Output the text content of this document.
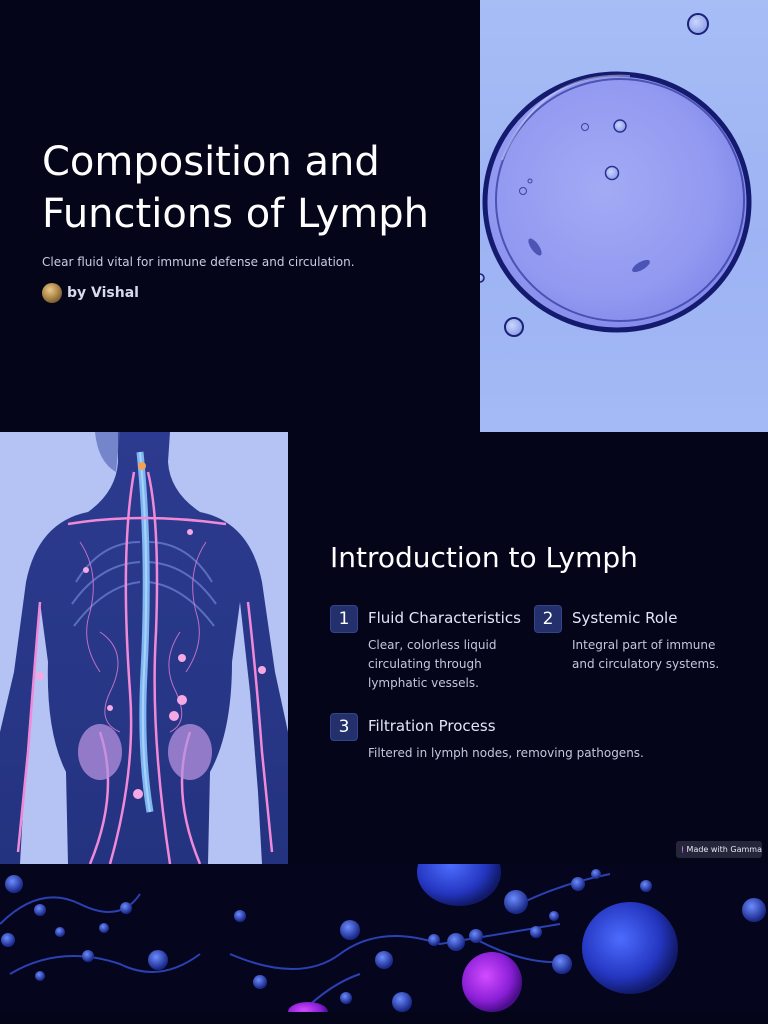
by Vishal

Clear fluid vital for immune defense and circulation.

Composition and Functions of Lymph
Introduction to Lymph
1	Fluid Characteristics

Clear, colorless liquid circulating through lymphatic vessels.

2	Systemic Role

Integral part of immune and circulatory systems.

3	Filtration Process

Filtered in lymph nodes, removing pathogens.

Made with Gamma
